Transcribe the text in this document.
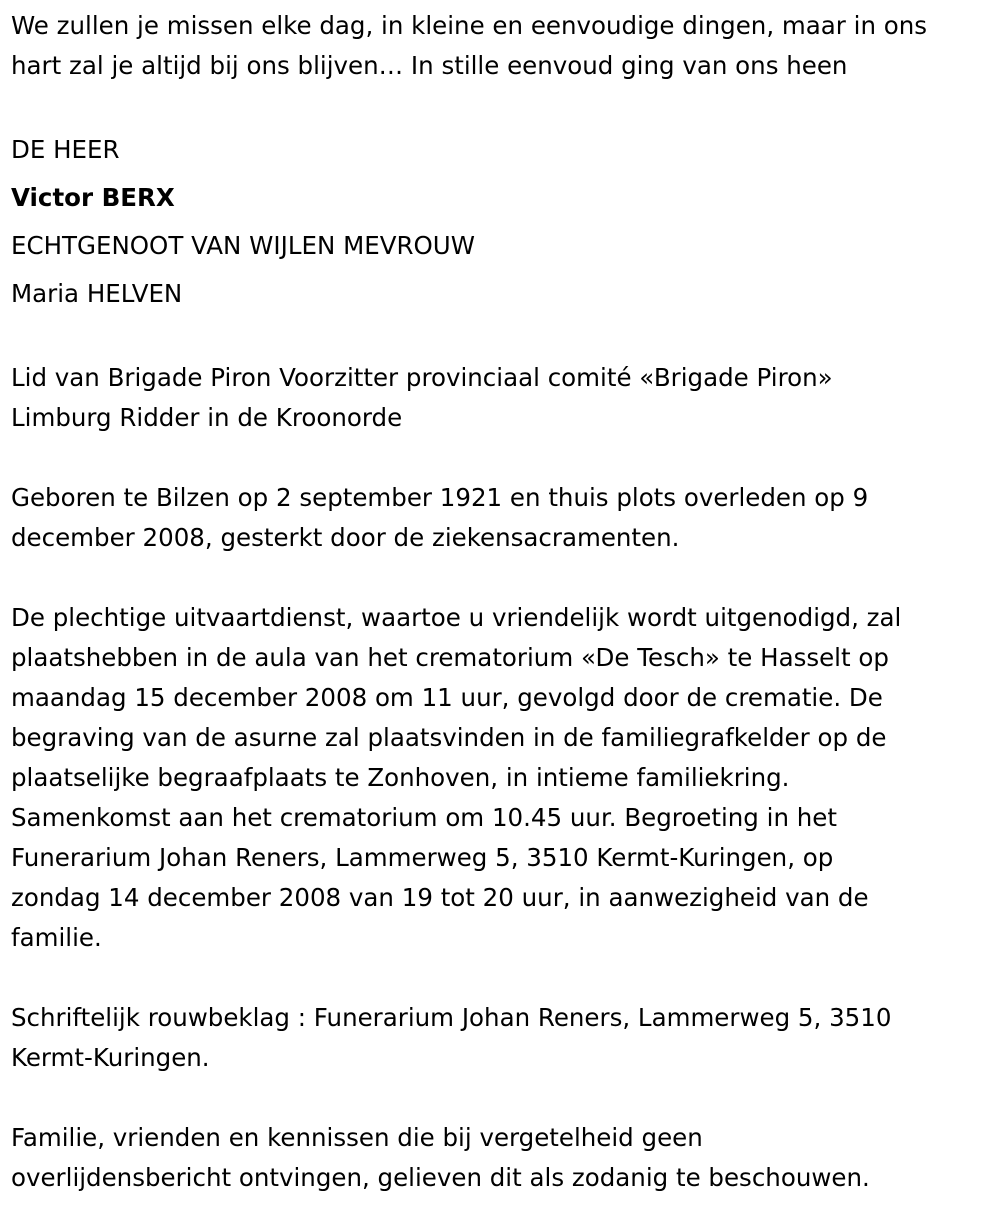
We zullen je missen elke dag, in kleine en eenvoudige dingen, maar in ons
hart zal je altijd bij ons blijven… In stille eenvoud ging van ons heen

DE HEER

Victor BERX

ECHTGENOOT VAN WIJLEN MEVROUW

Maria HELVEN

Lid van Brigade Piron Voorzitter provinciaal comité «Brigade Piron»
Limburg Ridder in de Kroonorde

Geboren te Bilzen op 2 september 1921 en thuis plots overleden op 9
december 2008, gesterkt door de ziekensacramenten.

De plechtige uitvaartdienst, waartoe u vriendelijk wordt uitgenodigd, zal
plaatshebben in de aula van het crematorium «De Tesch» te Hasselt op
maandag 15 december 2008 om 11 uur, gevolgd door de crematie. De
begraving van de asurne zal plaatsvinden in de familiegrafkelder op de
plaatselijke begraafplaats te Zonhoven, in intieme familiekring.
Samenkomst aan het crematorium om 10.45 uur. Begroeting in het
Funerarium Johan Reners, Lammerweg 5, 3510 Kermt-Kuringen, op
zondag 14 december 2008 van 19 tot 20 uur, in aanwezigheid van de
familie.

Schriftelijk rouwbeklag : Funerarium Johan Reners, Lammerweg 5, 3510
Kermt-Kuringen.

Familie, vrienden en kennissen die bij vergetelheid geen
overlijdensbericht ontvingen, gelieven dit als zodanig te beschouwen.
